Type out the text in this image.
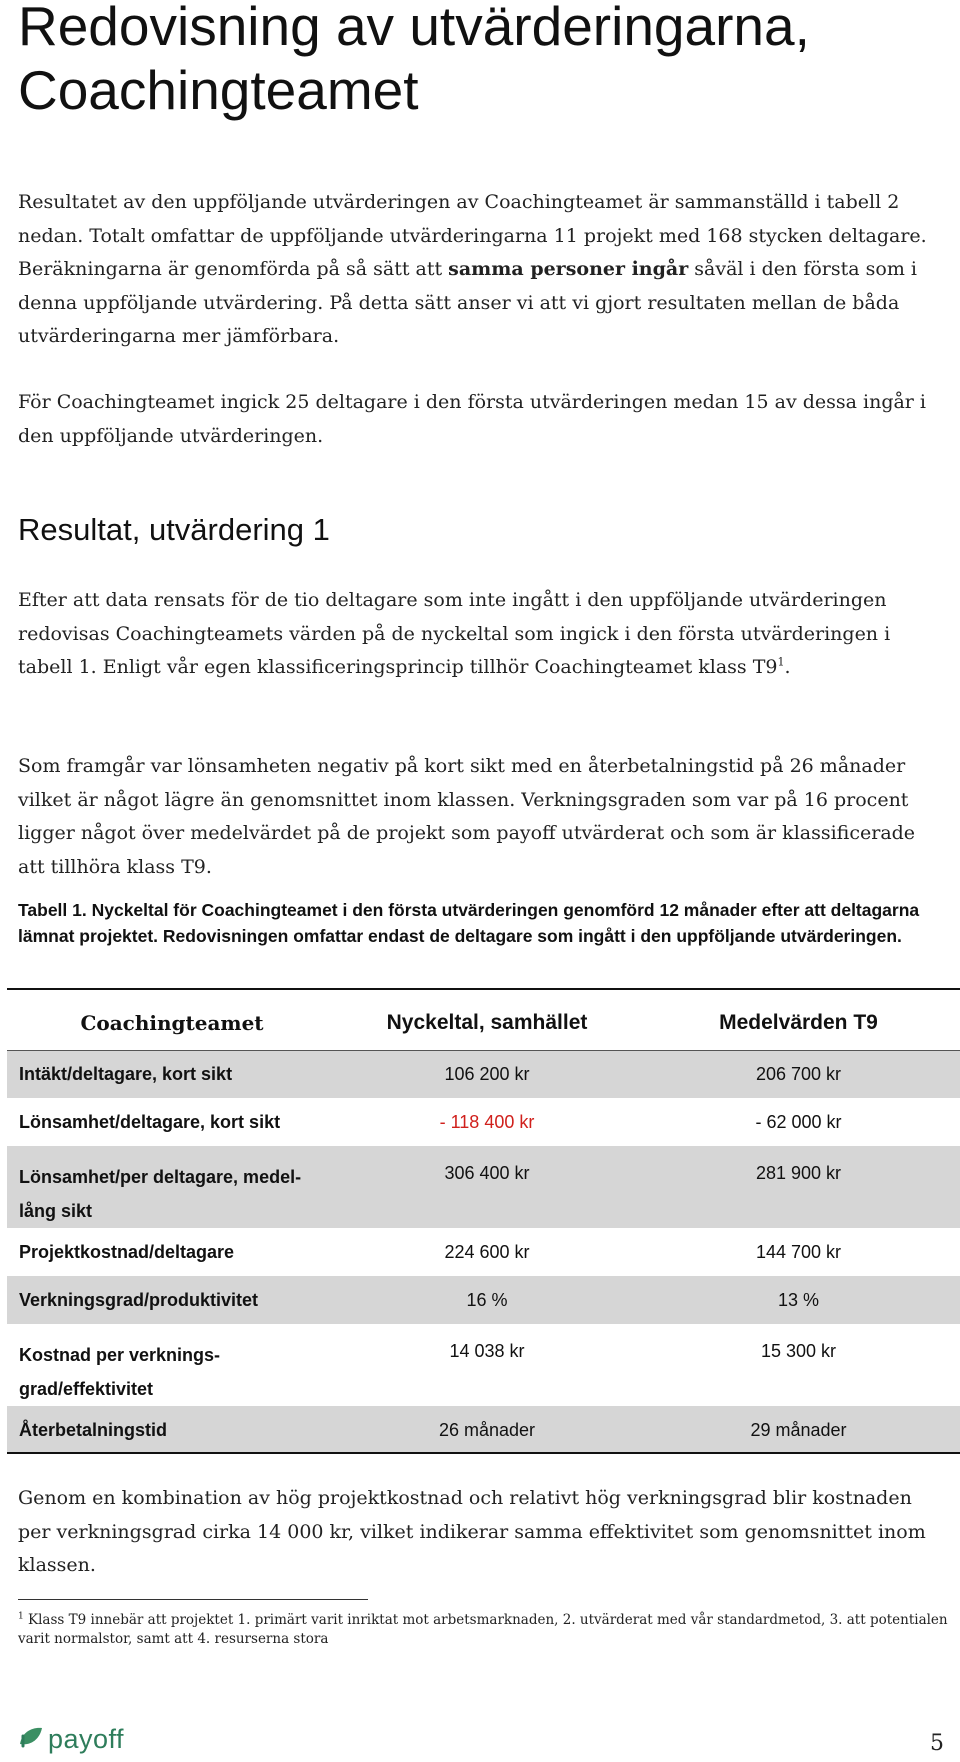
Redovisning av utvärderingarna,
Coachingteamet

Resultatet av den uppföljande utvärderingen av Coachingteamet är sammanställd i tabell 2 nedan. Totalt omfattar de uppföljande utvärderingarna 11 projekt med 168 stycken deltagare. Beräkningarna är genomförda på så sätt att samma personer ingår såväl i den första som i denna uppföljande utvärdering. På detta sätt anser vi att vi gjort resultaten mellan de båda utvärderingarna mer jämförbara.

För Coachingteamet ingick 25 deltagare i den första utvärderingen medan 15 av dessa ingår i den uppföljande utvärderingen.

Resultat, utvärdering 1

Efter att data rensats för de tio deltagare som inte ingått i den uppföljande utvärderingen redovisas Coachingteamets värden på de nyckeltal som ingick i den första utvärderingen i tabell 1. Enligt vår egen klassificeringsprincip tillhör Coachingteamet klass $T9^1$.

Som framgår var lönsamheten negativ på kort sikt med en återbetalningstid på 26 månader vilket är något lägre än genomsnittet inom klassen. Verkningsgraden som var på 16 procent ligger något över medelvärdet på de projekt som payoff utvärderat och som är klassificerade att tillhöra klass T9.

Tabell 1. Nyckeltal för Coachingteamet i den första utvärderingen genomförd 12 månader efter att deltagarna lämnat projektet. Redovisningen omfattar endast de deltagare som ingått i den uppföljande utvärderingen.

Coachingteamet	Nyckeltal, samhället	Medelvärden T9
Intäkt/deltagare, kort sikt	106 200 kr	206 700 kr
Lönsamhet/deltagare, kort sikt	- 118 400 kr	- 62 000 kr
Lönsamhet/per deltagare, medel-
lång sikt	306 400 kr	281 900 kr
Projektkostnad/deltagare	224 600 kr	144 700 kr
Verkningsgrad/produktivitet	16 %	13 %
Kostnad per verknings-
grad/effektivitet	14 038 kr	15 300 kr
Återbetalningstid	26 månader	29 månader

Genom en kombination av hög projektkostnad och relativt hög verkningsgrad blir kostnaden per verkningsgrad cirka 14 000 kr, vilket indikerar samma effektivitet som genomsnittet inom klassen.

$^1$ Klass T9 innebär att projektet 1. primärt varit inriktat mot arbetsmarknaden, 2. utvärderat med vår standardmetod, 3. att potentialen varit normalstor, samt att 4. resurserna stora

payoff	5
